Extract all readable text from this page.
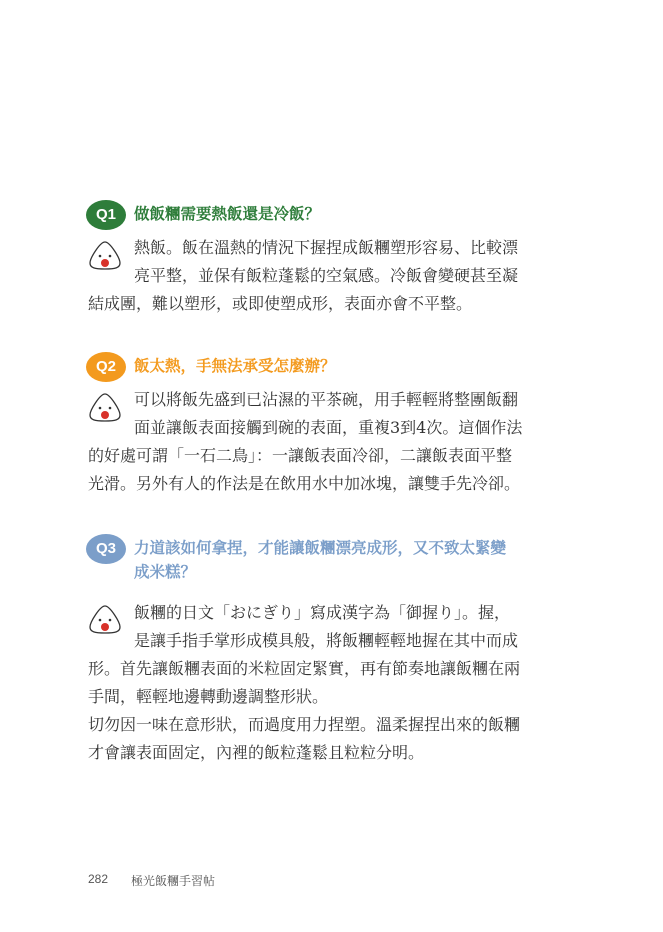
Q1	做飯糰需要熱飯還是冷飯？
熱飯。飯在溫熱的情況下握捏成飯糰塑形容易、比較漂
亮平整，並保有飯粒蓬鬆的空氣感。冷飯會變硬甚至凝
結成團，難以塑形，或即使塑成形，表面亦會不平整。
Q2	飯太熱，手無法承受怎麼辦？
可以將飯先盛到已沾濕的平茶碗，用手輕輕將整團飯翻
面並讓飯表面接觸到碗的表面，重複3到4次。這個作法
的好處可謂「一石二鳥」：一讓飯表面冷卻，二讓飯表面平整
光滑。另外有人的作法是在飲用水中加冰塊，讓雙手先冷卻。
Q3	力道該如何拿捏，才能讓飯糰漂亮成形，又不致太緊變
成米糕？
飯糰的日文「おにぎり」寫成漢字為「御握り」。握，
是讓手指手掌形成模具般，將飯糰輕輕地握在其中而成
形。首先讓飯糰表面的米粒固定緊實，再有節奏地讓飯糰在兩
手間，輕輕地邊轉動邊調整形狀。
切勿因一味在意形狀，而過度用力捏塑。溫柔握捏出來的飯糰
才會讓表面固定，內裡的飯粒蓬鬆且粒粒分明。
282 極光飯糰手習帖
